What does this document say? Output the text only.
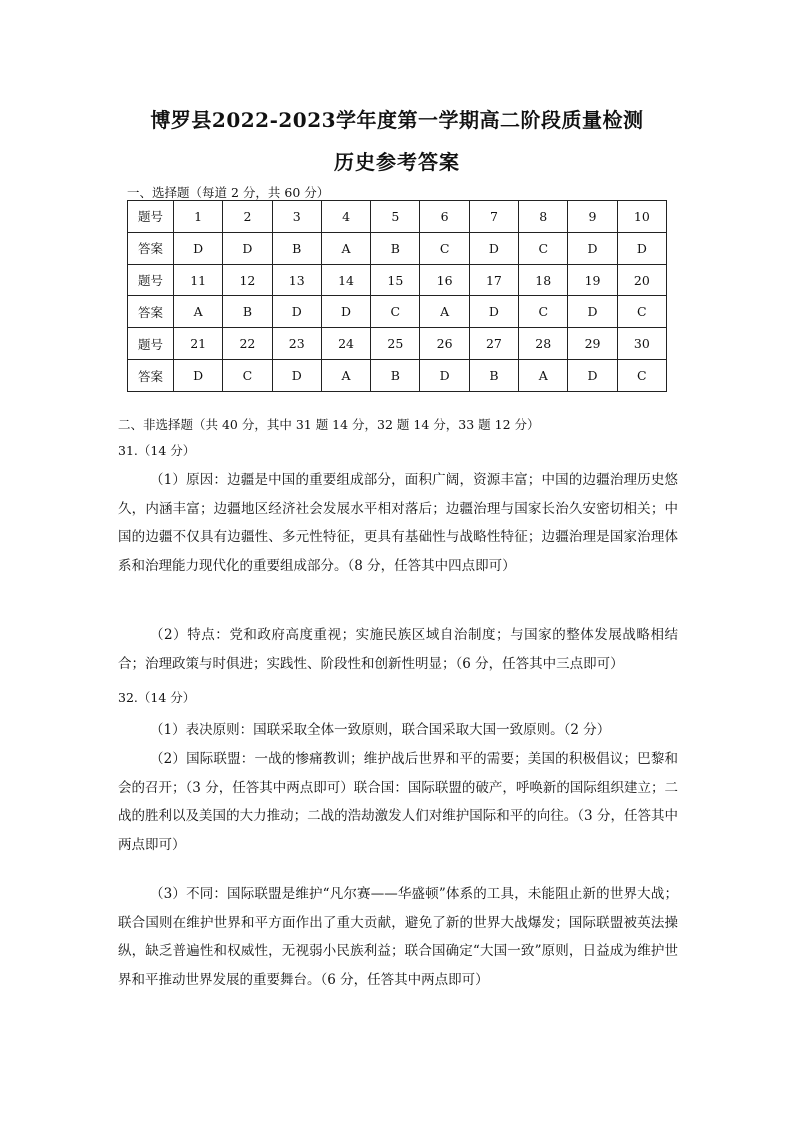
博罗县2022-2023学年度第一学期高二阶段质量检测
历史参考答案
一、选择题（每道 2 分，共 60 分）
题号	1	2	3	4	5	6	7	8	9	10
答案	D	D	B	A	B	C	D	C	D	D
题号	11	12	13	14	15	16	17	18	19	20
答案	A	B	D	D	C	A	D	C	D	C
题号	21	22	23	24	25	26	27	28	29	30
答案	D	C	D	A	B	D	B	A	D	C
二、非选择题（共 40 分，其中 31 题 14 分，32 题 14 分，33 题 12 分）
31.（14 分）

（1）原因：边疆是中国的重要组成部分，面积广阔，资源丰富；中国的边疆治理历史悠久，内涵丰富；边疆地区经济社会发展水平相对落后；边疆治理与国家长治久安密切相关；中国的边疆不仅具有边疆性、多元性特征，更具有基础性与战略性特征；边疆治理是国家治理体系和治理能力现代化的重要组成部分。（8 分，任答其中四点即可）

（2）特点：党和政府高度重视；实施民族区域自治制度；与国家的整体发展战略相结合；治理政策与时俱进；实践性、阶段性和创新性明显；（6 分，任答其中三点即可）

32.（14 分）

（1）表决原则：国联采取全体一致原则，联合国采取大国一致原则。（2 分）

（2）国际联盟：一战的惨痛教训；维护战后世界和平的需要；美国的积极倡议；巴黎和会的召开；（3 分，任答其中两点即可）联合国：国际联盟的破产，呼唤新的国际组织建立；二战的胜利以及美国的大力推动；二战的浩劫激发人们对维护国际和平的向往。（3 分，任答其中两点即可）

（3）不同：国际联盟是维护“凡尔赛——华盛顿”体系的工具，未能阻止新的世界大战；联合国则在维护世界和平方面作出了重大贡献，避免了新的世界大战爆发；国际联盟被英法操纵，缺乏普遍性和权威性，无视弱小民族利益；联合国确定“大国一致”原则，日益成为维护世界和平推动世界发展的重要舞台。（6 分，任答其中两点即可）
